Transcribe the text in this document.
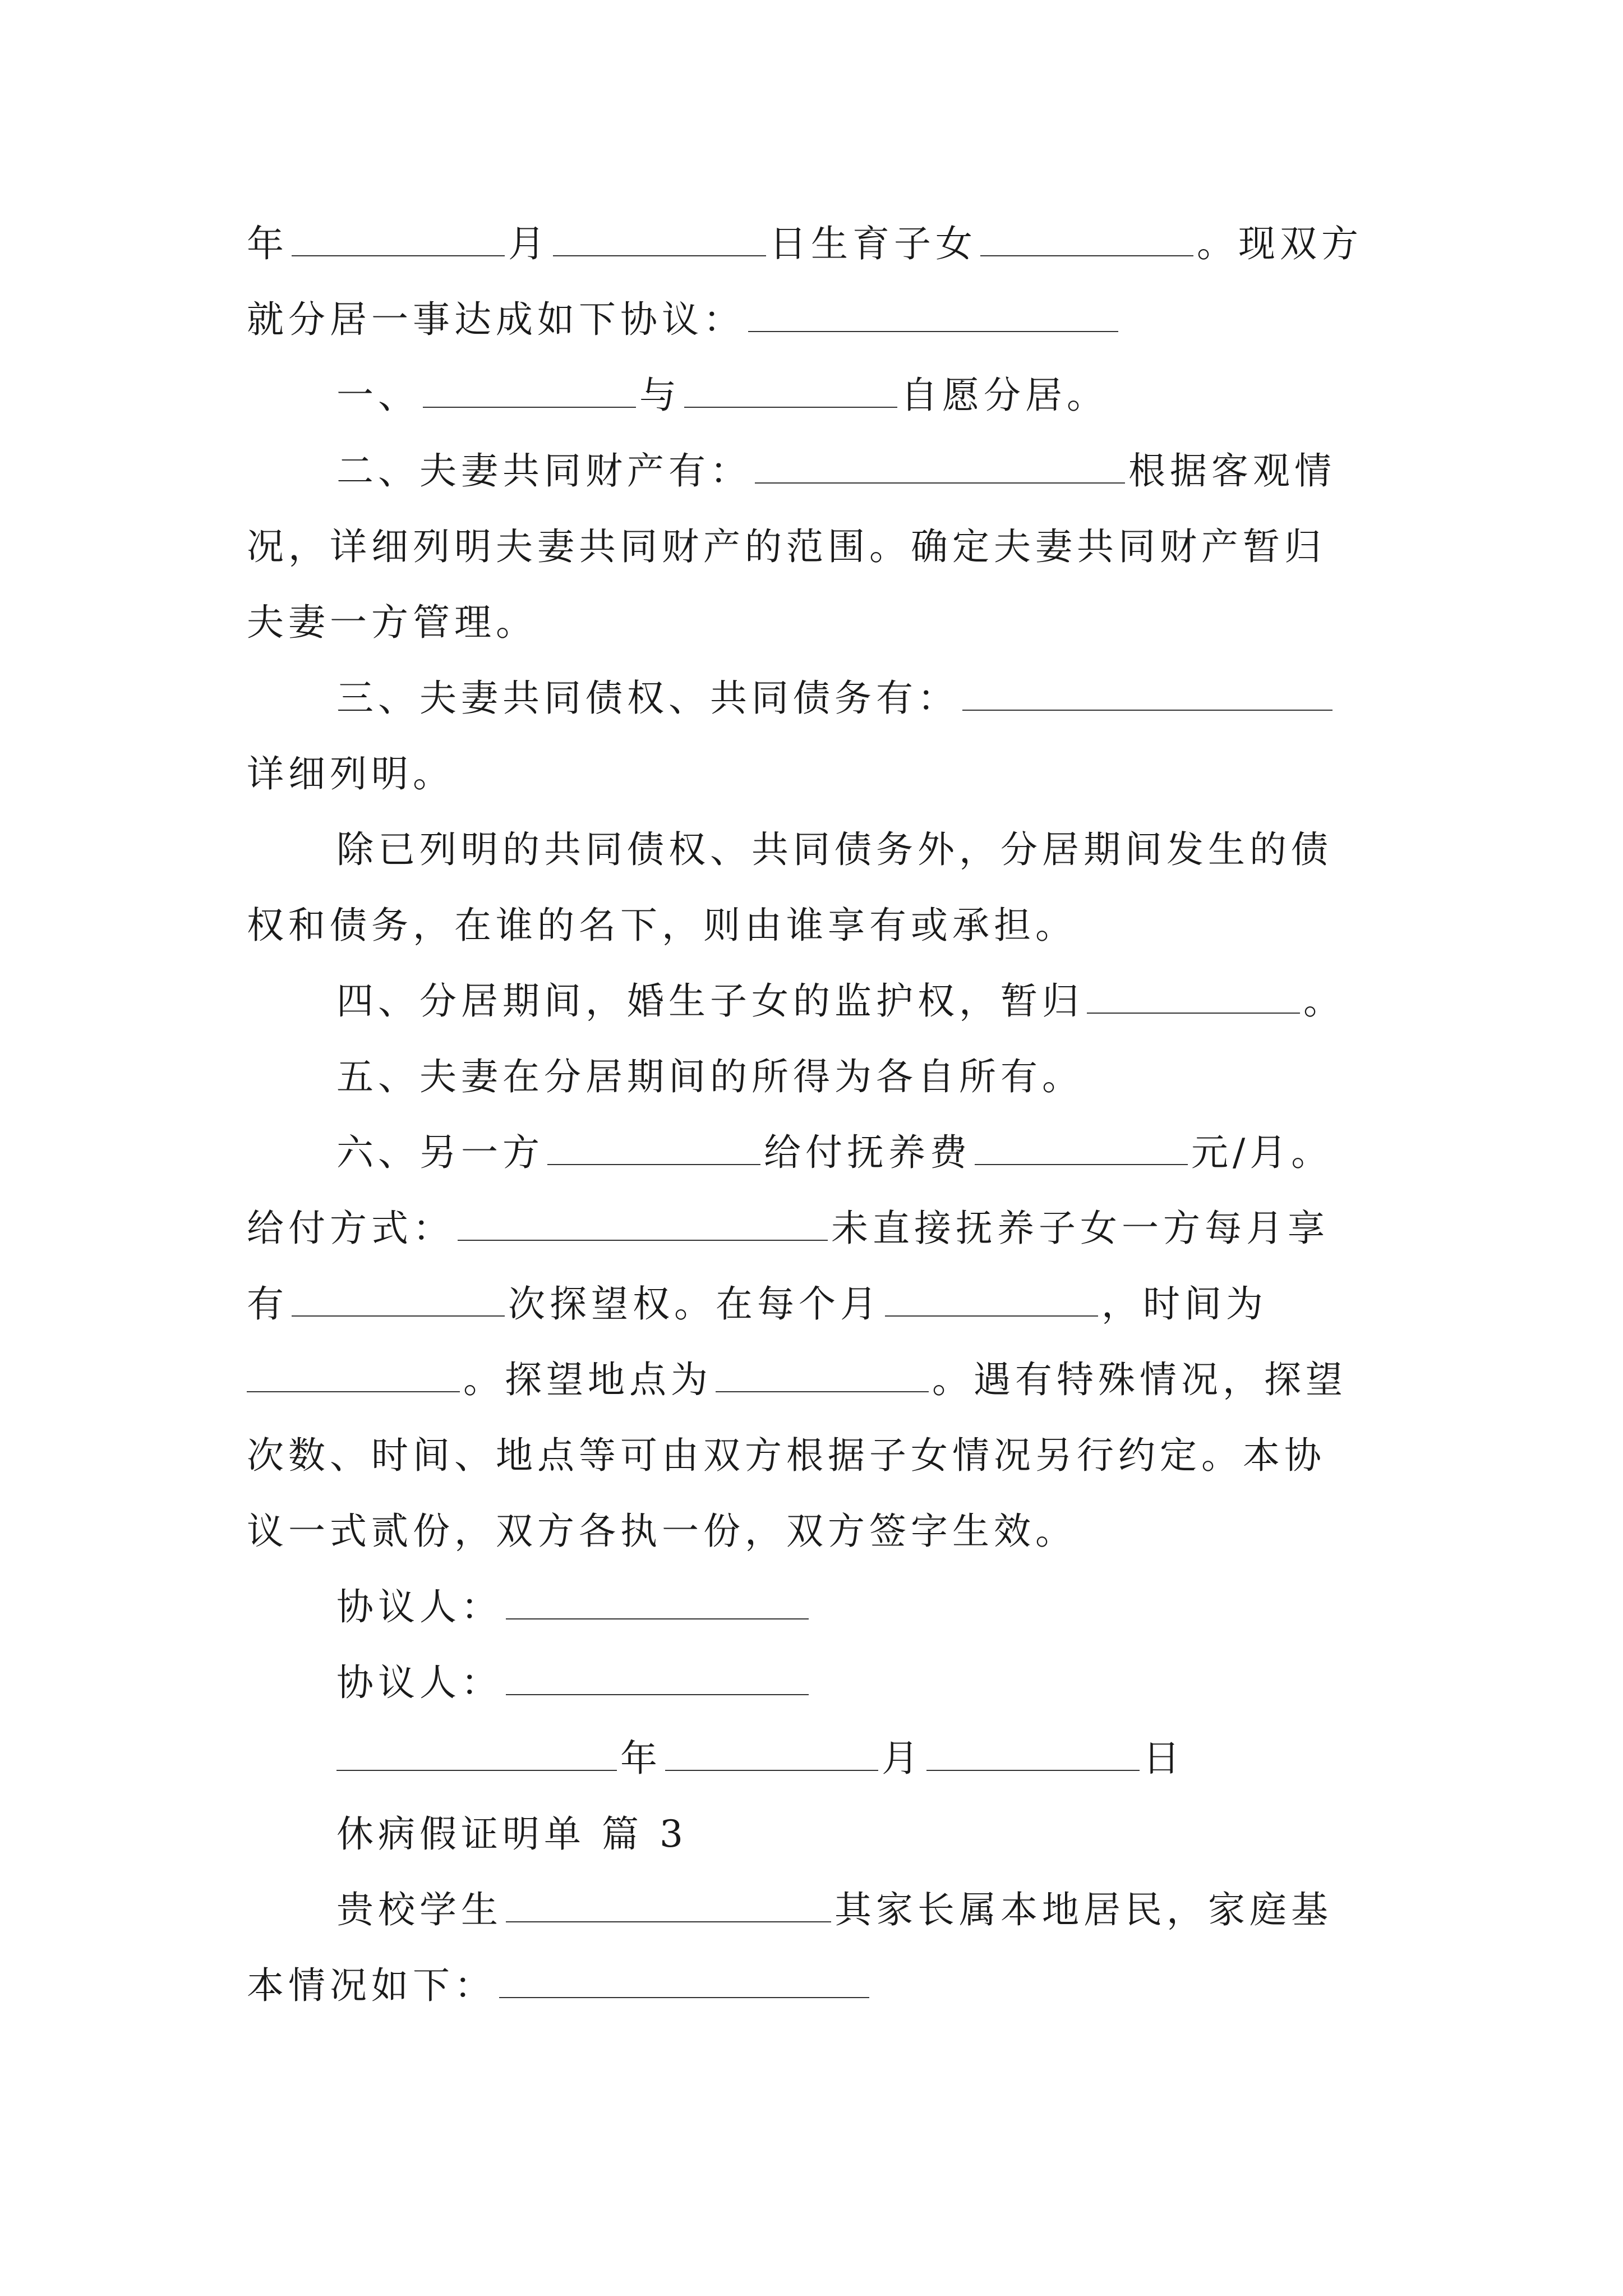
年	月	日生育子女	。现双方
就分居一事达成如下协议：
一、	与	自愿分居。
二、夫妻共同财产有：	根据客观情
况，详细列明夫妻共同财产的范围。确定夫妻共同财产暂归
夫妻一方管理。
三、夫妻共同债权、共同债务有：
详细列明。
除已列明的共同债权、共同债务外，分居期间发生的债
权和债务，在谁的名下，则由谁享有或承担。
四、分居期间，婚生子女的监护权，暂归	。
五、夫妻在分居期间的所得为各自所有。
六、另一方	给付抚养费	元/月。
给付方式：	未直接抚养子女一方每月享
有	次探望权。在每个月	，时间为
。探望地点为	。遇有特殊情况，探望
次数、时间、地点等可由双方根据子女情况另行约定。本协
议一式贰份，双方各执一份，双方签字生效。
协议人：
协议人：
年	月	日
休病假证明单 篇 3
贵校学生	其家长属本地居民，家庭基
本情况如下：
